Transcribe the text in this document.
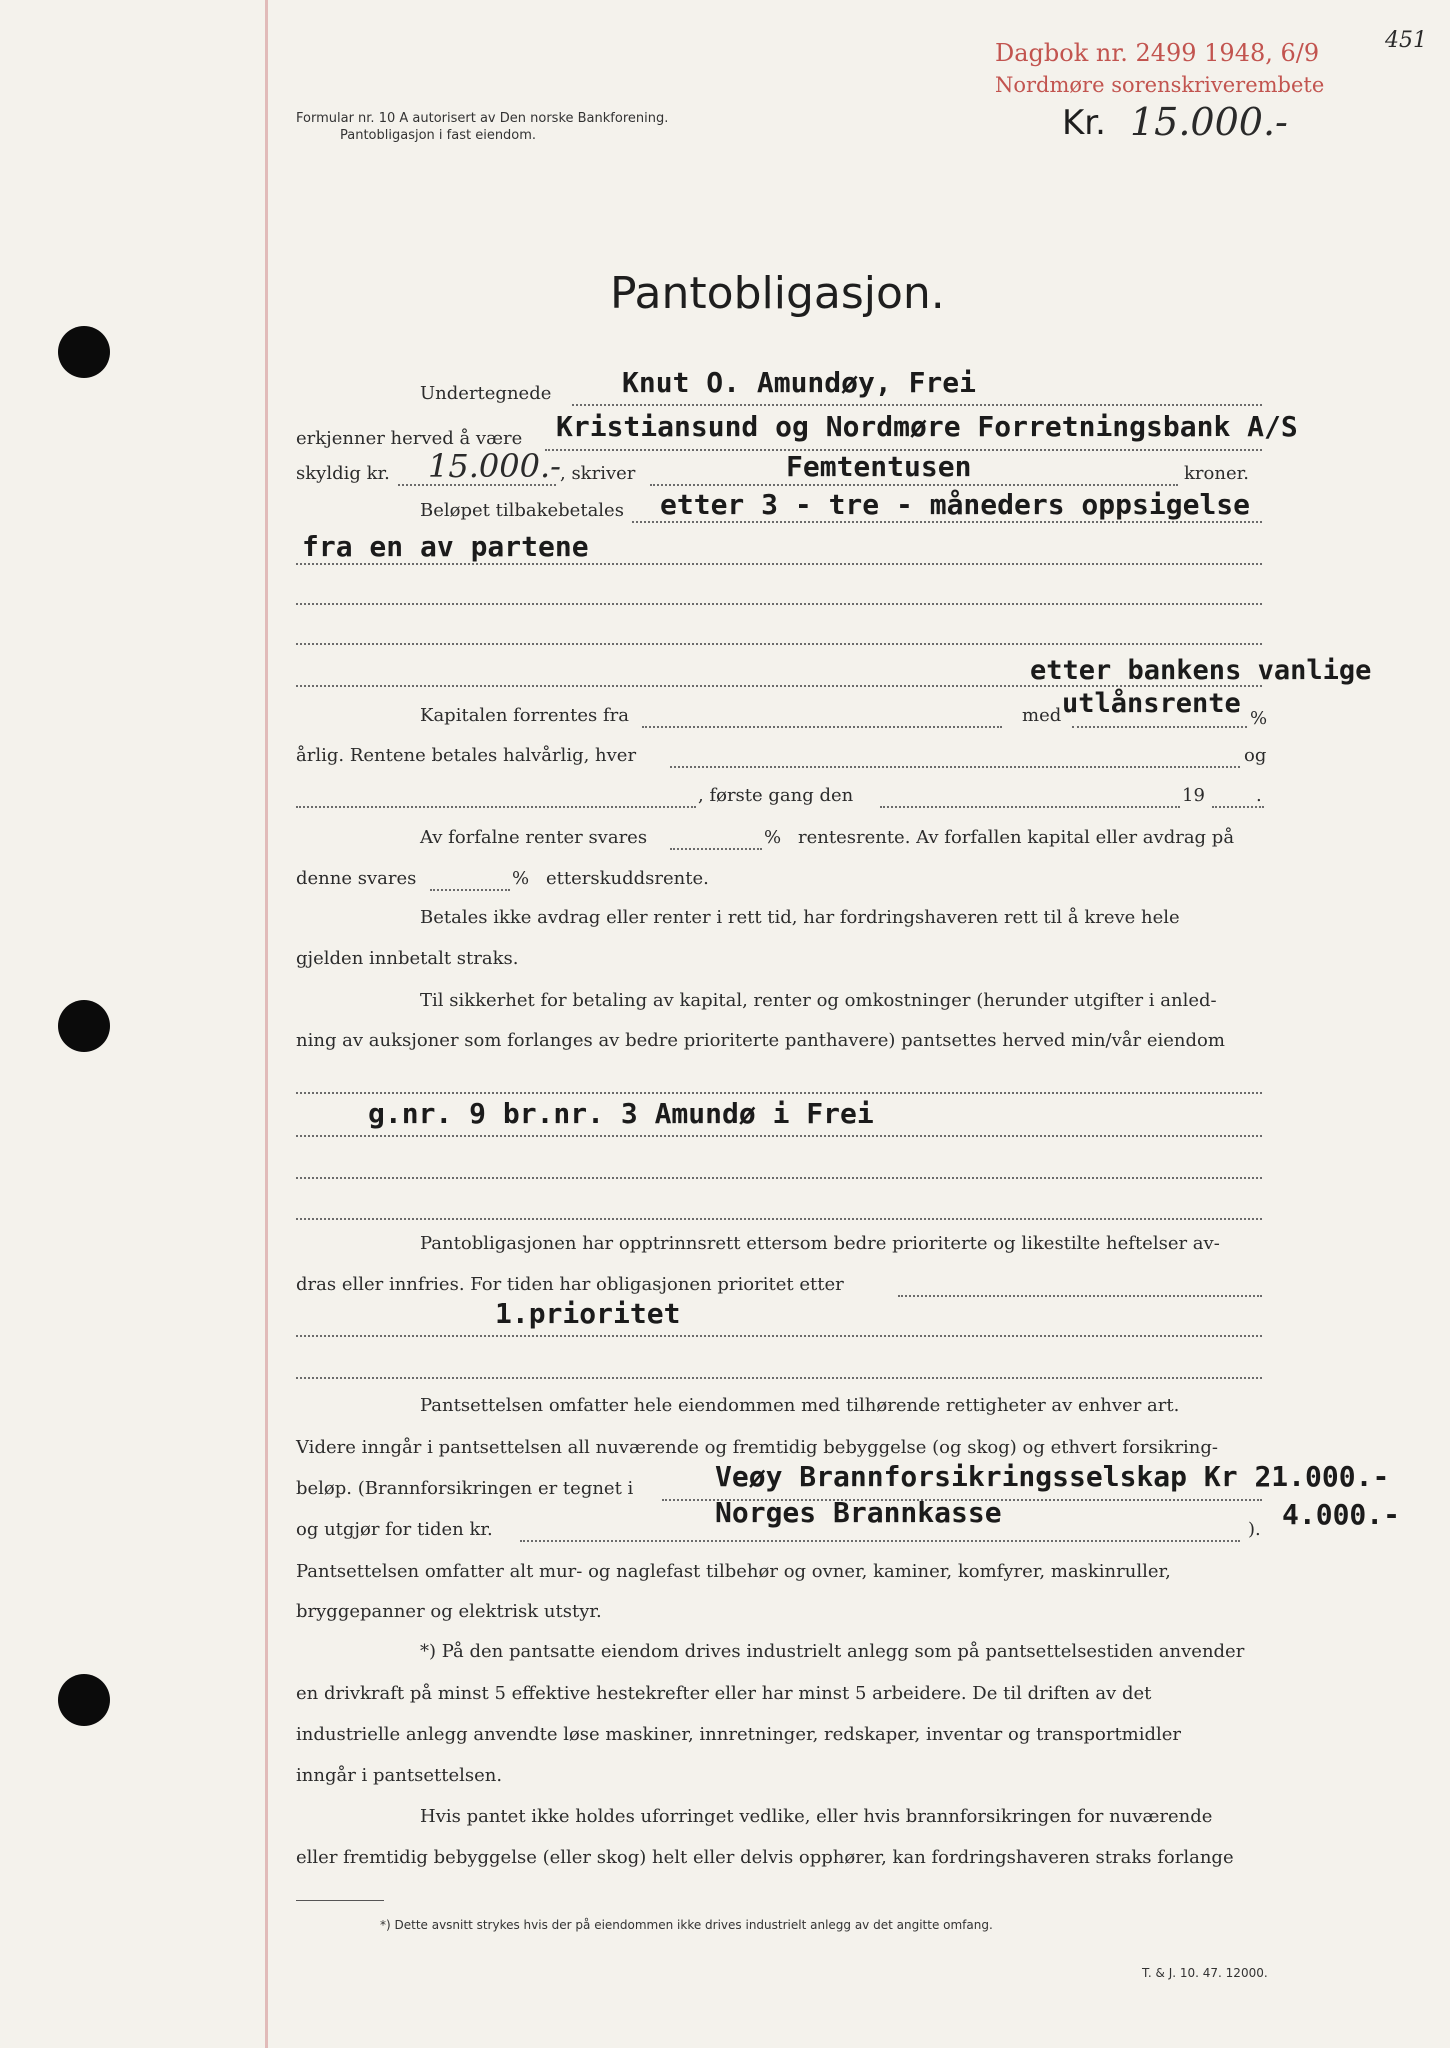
Dagbok nr. 2499 1948, 6/9
Nordmøre sorenskriverembete
451
Formular nr. 10 A autorisert av Den norske Bankforening.
Pantobligasjon i fast eiendom.	Kr. 15.000.-
Pantobligasjon.
Undertegnede	Knut O. Amundøy, Frei
erkjenner herved å være Kristiansund og Nordmøre Forretningsbank A/S
skyldig kr. 15.000.- , skriver	Femtentusen	kroner.
Beløpet tilbakebetales etter 3 - tre - måneders oppsigelse
fra en av partene
etter bankens vanlige
Kapitalen forrentes fra	med utlånsrente %
årlig. Rentene betales halvårlig, hver	og
, første gang den	19	.
Av forfalne renter svares	% rentesrente. Av forfallen kapital eller avdrag på
denne svares	% etterskuddsrente.
Betales ikke avdrag eller renter i rett tid, har fordringshaveren rett til å kreve hele
gjelden innbetalt straks.
Til sikkerhet for betaling av kapital, renter og omkostninger (herunder utgifter i anled-
ning av auksjoner som forlanges av bedre prioriterte panthavere) pantsettes herved min/vår eiendom
g.nr. 9 br.nr. 3 Amundø i Frei
Pantobligasjonen har opptrinnsrett ettersom bedre prioriterte og likestilte heftelser av-
dras eller innfries. For tiden har obligasjonen prioritet etter
1.prioritet
Pantsettelsen omfatter hele eiendommen med tilhørende rettigheter av enhver art.
Videre inngår i pantsettelsen all nuværende og fremtidig bebyggelse (og skog) og ethvert forsikring-
beløp. (Brannforsikringen er tegnet i	Veøy Brannforsikringsselskap Kr 21.000.-
og utgjør for tiden kr.
Norges Brannkasse
). 4.000.-
Pantsettelsen omfatter alt mur- og naglefast tilbehør og ovner, kaminer, komfyrer, maskinruller,
bryggepanner og elektrisk utstyr.
*) På den pantsatte eiendom drives industrielt anlegg som på pantsettelsestiden anvender
en drivkraft på minst 5 effektive hestekrefter eller har minst 5 arbeidere. De til driften av det
industrielle anlegg anvendte løse maskiner, innretninger, redskaper, inventar og transportmidler
inngår i pantsettelsen.
Hvis pantet ikke holdes uforringet vedlike, eller hvis brannforsikringen for nuværende
eller fremtidig bebyggelse (eller skog) helt eller delvis opphører, kan fordringshaveren straks forlange
*) Dette avsnitt strykes hvis der på eiendommen ikke drives industrielt anlegg av det angitte omfang.
T. & J. 10. 47. 12000.
